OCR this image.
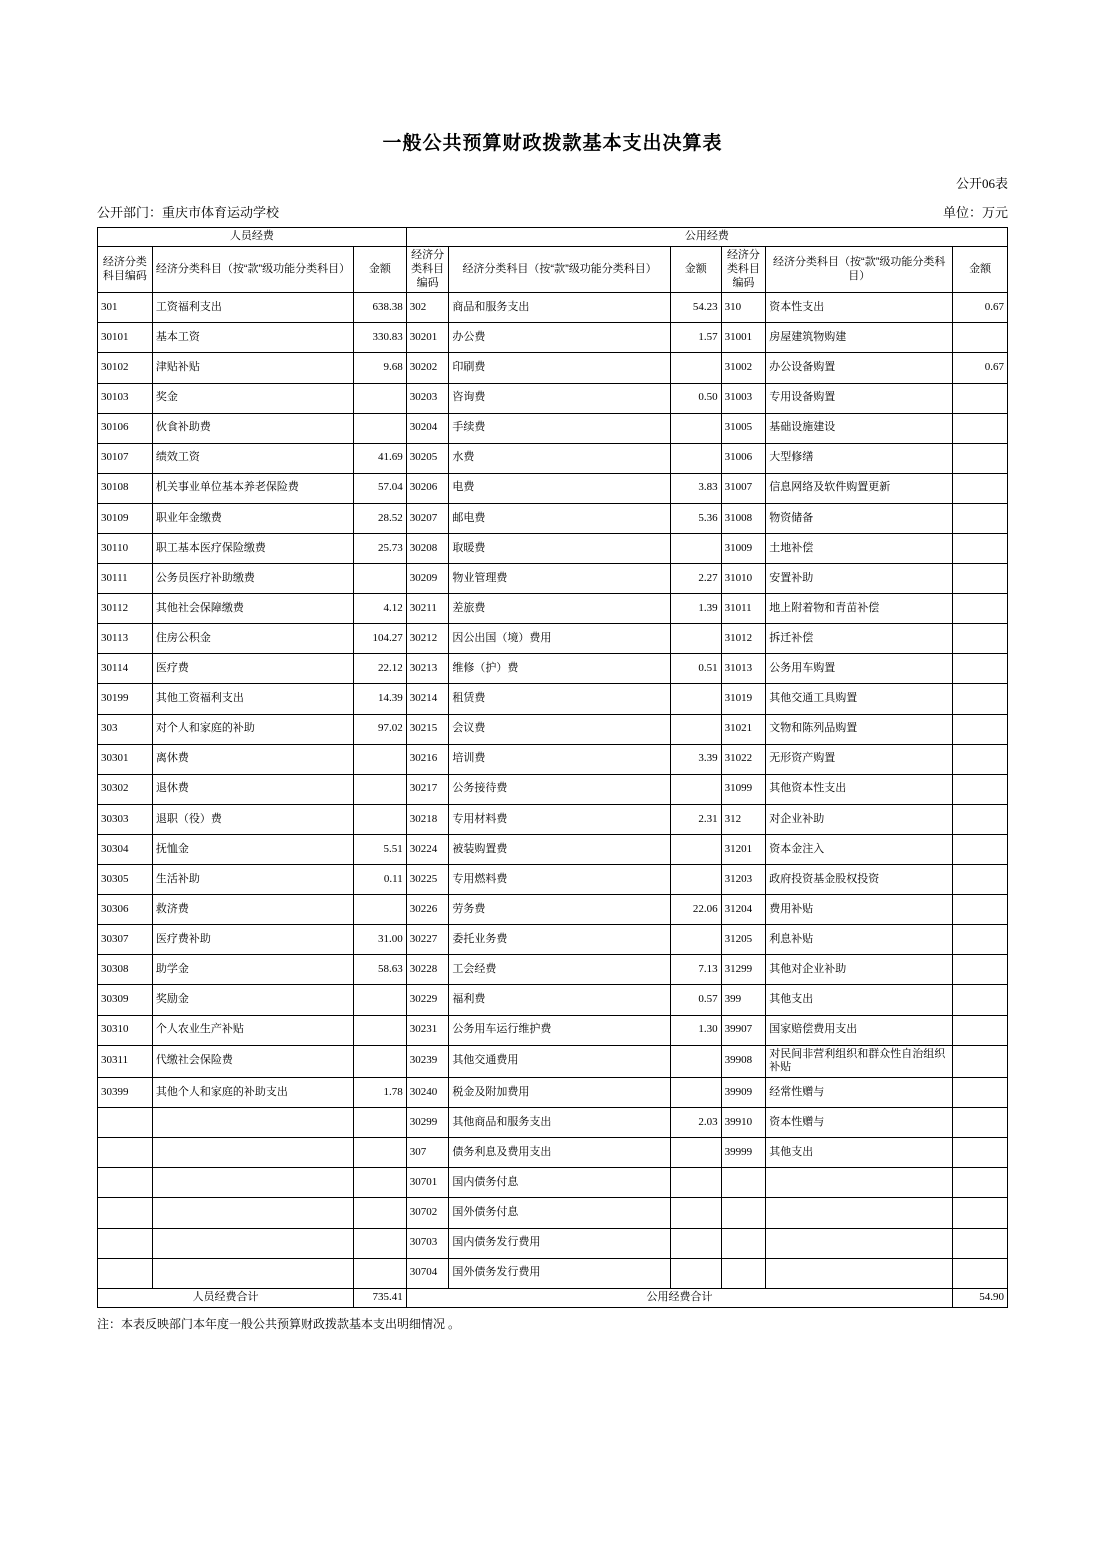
一般公共预算财政拨款基本支出决算表
公开06表
公开部门：重庆市体育运动学校	单位：万元
人员经费			公用经费					
经济分类科目编码	经济分类科目（按“款”级功能分类科目）	金额	经济分类科目编码	经济分类科目（按“款”级功能分类科目）	金额	经济分类科目编码	经济分类科目（按“款”级功能分类科目）	金额
301	工资福利支出	638.38	302	商品和服务支出	54.23	310	资本性支出	0.67
30101	基本工资	330.83	30201	办公费	1.57	31001	房屋建筑物购建	
30102	津贴补贴	9.68	30202	印刷费		31002	办公设备购置	0.67
30103	奖金		30203	咨询费	0.50	31003	专用设备购置	
30106	伙食补助费		30204	手续费		31005	基础设施建设	
30107	绩效工资	41.69	30205	水费		31006	大型修缮	
30108	机关事业单位基本养老保险费	57.04	30206	电费	3.83	31007	信息网络及软件购置更新	
30109	职业年金缴费	28.52	30207	邮电费	5.36	31008	物资储备	
30110	职工基本医疗保险缴费	25.73	30208	取暖费		31009	土地补偿	
30111	公务员医疗补助缴费		30209	物业管理费	2.27	31010	安置补助	
30112	其他社会保障缴费	4.12	30211	差旅费	1.39	31011	地上附着物和青苗补偿	
30113	住房公积金	104.27	30212	因公出国（境）费用		31012	拆迁补偿	
30114	医疗费	22.12	30213	维修（护）费	0.51	31013	公务用车购置	
30199	其他工资福利支出	14.39	30214	租赁费		31019	其他交通工具购置	
303	对个人和家庭的补助	97.02	30215	会议费		31021	文物和陈列品购置	
30301	离休费		30216	培训费	3.39	31022	无形资产购置	
30302	退休费		30217	公务接待费		31099	其他资本性支出	
30303	退职（役）费		30218	专用材料费	2.31	312	对企业补助	
30304	抚恤金	5.51	30224	被装购置费		31201	资本金注入	
30305	生活补助	0.11	30225	专用燃料费		31203	政府投资基金股权投资	
30306	救济费		30226	劳务费	22.06	31204	费用补贴	
30307	医疗费补助	31.00	30227	委托业务费		31205	利息补贴	
30308	助学金	58.63	30228	工会经费	7.13	31299	其他对企业补助	
30309	奖励金		30229	福利费	0.57	399	其他支出	
30310	个人农业生产补贴		30231	公务用车运行维护费	1.30	39907	国家赔偿费用支出	
30311	代缴社会保险费		30239	其他交通费用		39908	对民间非营利组织和群众性自治组织补贴	
30399	其他个人和家庭的补助支出	1.78	30240	税金及附加费用		39909	经常性赠与	
			30299	其他商品和服务支出	2.03	39910	资本性赠与	
			307	债务利息及费用支出		39999	其他支出	
			30701	国内债务付息				
			30702	国外债务付息				
			30703	国内债务发行费用				
			30704	国外债务发行费用				
人员经费合计		735.41	公用经费合计					54.90
注：本表反映部门本年度一般公共预算财政拨款基本支出明细情况 。
